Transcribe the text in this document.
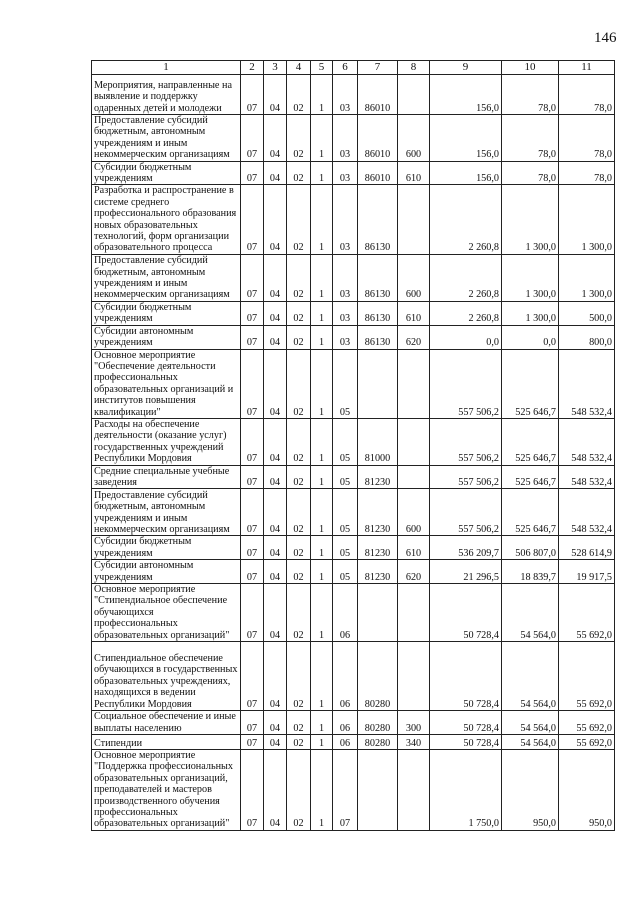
146
1	2	3	4	5	6	7	8	9	10	11
Мероприятия, направленные на выявление и поддержку одаренных детей и молодежи	07	04	02	1	03	86010		156,0	78,0	78,0
Предоставление субсидий бюджетным, автономным учреждениям и иным некоммерческим организациям	07	04	02	1	03	86010	600	156,0	78,0	78,0
Субсидии бюджетным учреждениям	07	04	02	1	03	86010	610	156,0	78,0	78,0
Разработка и распространение в системе среднего профессионального образования новых образовательных технологий, форм организации образовательного процесса	07	04	02	1	03	86130		2 260,8	1 300,0	1 300,0
Предоставление субсидий бюджетным, автономным учреждениям и иным некоммерческим организациям	07	04	02	1	03	86130	600	2 260,8	1 300,0	1 300,0
Субсидии бюджетным учреждениям	07	04	02	1	03	86130	610	2 260,8	1 300,0	500,0
Субсидии автономным учреждениям	07	04	02	1	03	86130	620	0,0	0,0	800,0
Основное мероприятие "Обеспечение деятельности профессиональных образовательных организаций и институтов повышения квалификации"	07	04	02	1	05			557 506,2	525 646,7	548 532,4
Расходы на обеспечение деятельности (оказание услуг) государственных учреждений Республики Мордовия	07	04	02	1	05	81000		557 506,2	525 646,7	548 532,4
Средние специальные учебные заведения	07	04	02	1	05	81230		557 506,2	525 646,7	548 532,4
Предоставление субсидий бюджетным, автономным учреждениям и иным некоммерческим организациям	07	04	02	1	05	81230	600	557 506,2	525 646,7	548 532,4
Субсидии бюджетным учреждениям	07	04	02	1	05	81230	610	536 209,7	506 807,0	528 614,9
Субсидии автономным учреждениям	07	04	02	1	05	81230	620	21 296,5	18 839,7	19 917,5
Основное мероприятие "Стипендиальное обеспечение обучающихся профессиональных образовательных организаций"	07	04	02	1	06			50 728,4	54 564,0	55 692,0
Стипендиальное обеспечение обучающихся в государственных образовательных учреждениях, находящихся в ведении Республики Мордовия	07	04	02	1	06	80280		50 728,4	54 564,0	55 692,0
Социальное обеспечение и иные выплаты населению	07	04	02	1	06	80280	300	50 728,4	54 564,0	55 692,0
Стипендии	07	04	02	1	06	80280	340	50 728,4	54 564,0	55 692,0
Основное мероприятие "Поддержка профессиональных образовательных организаций, преподавателей и мастеров производственного обучения профессиональных образовательных организаций"	07	04	02	1	07			1 750,0	950,0	950,0
